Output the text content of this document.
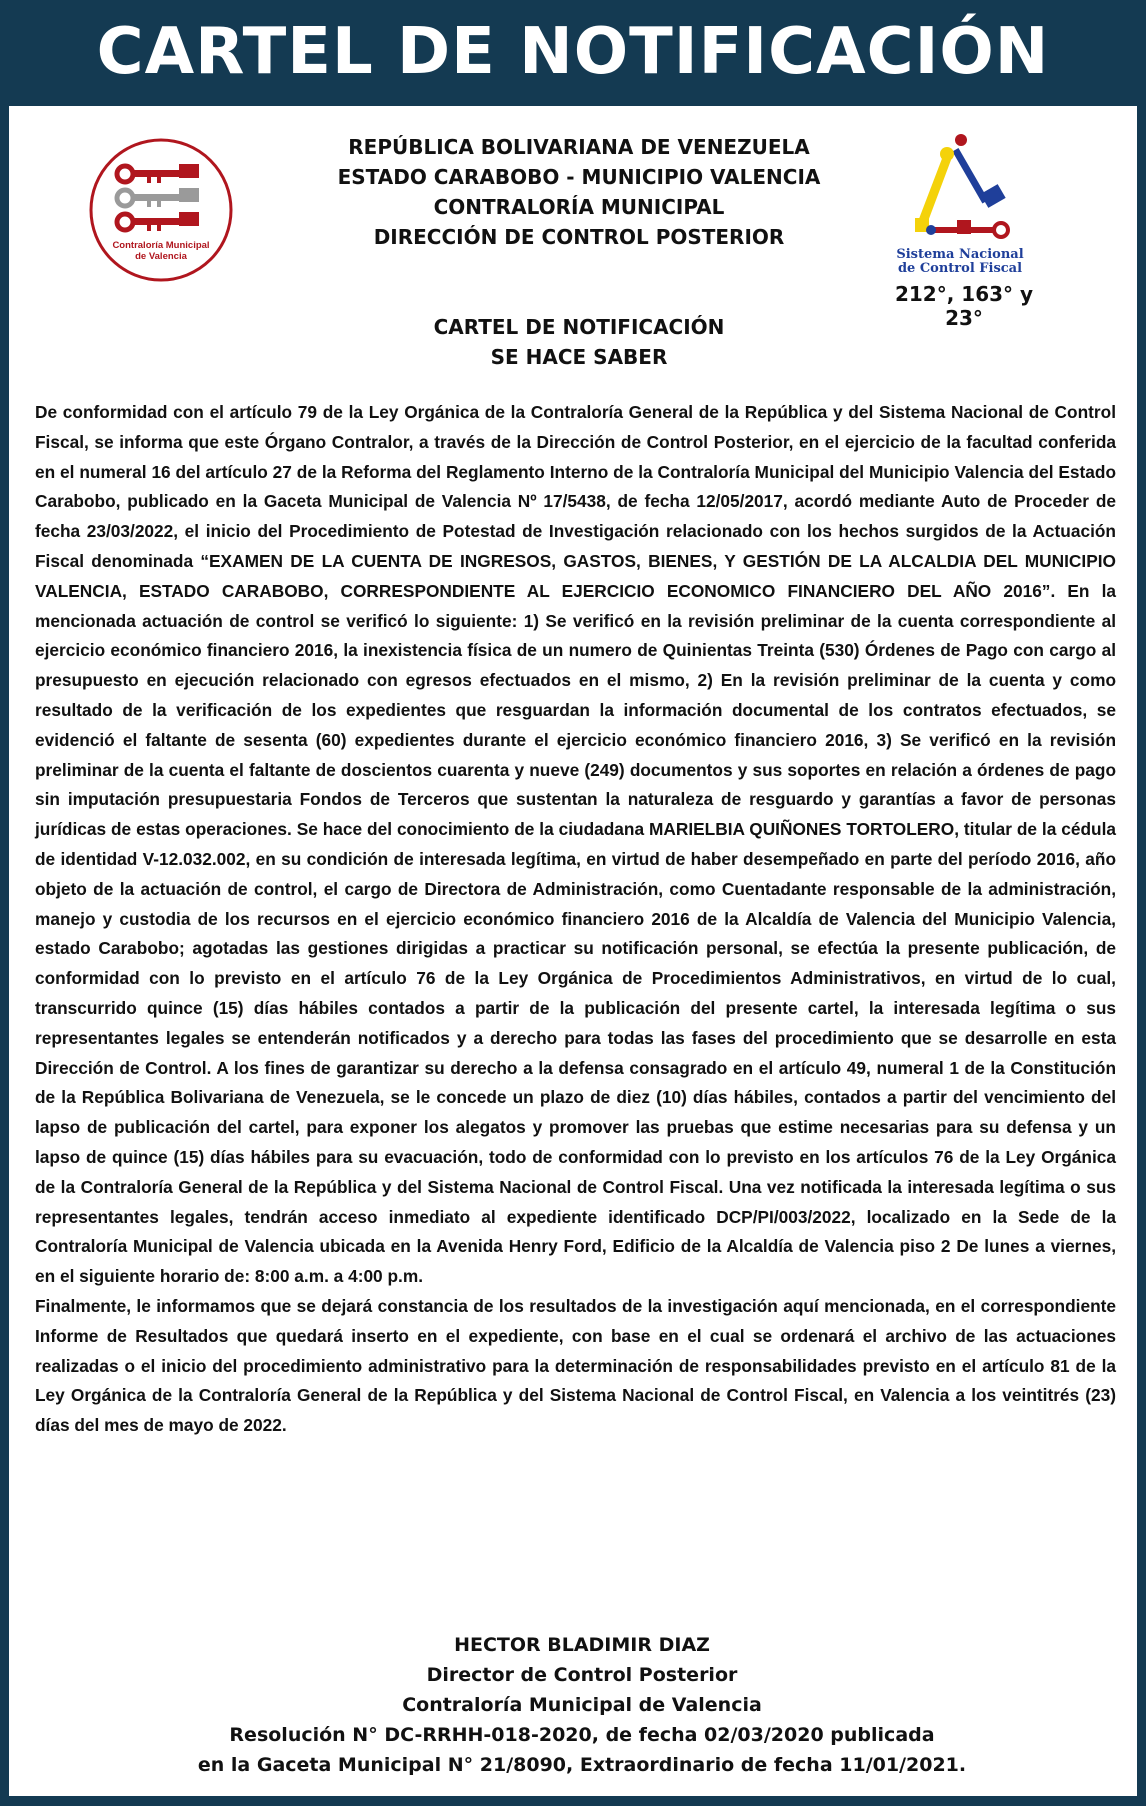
CARTEL DE NOTIFICACIÓN
Contraloría Municipal
de Valencia
REPÚBLICA BOLIVARIANA DE VENEZUELA
ESTADO CARABOBO - MUNICIPIO VALENCIA
CONTRALORÍA MUNICIPAL
DIRECCIÓN DE CONTROL POSTERIOR
Sistema Nacional
de Control Fiscal
212°, 163° y 23°
CARTEL DE NOTIFICACIÓN
SE HACE SABER

De conformidad con el artículo 79 de la Ley Orgánica de la Contraloría General de la República y del Sistema Nacional de Control Fiscal, se informa que este Órgano Contralor, a través de la Dirección de Control Posterior, en el ejercicio de la facultad conferida en el numeral 16 del artículo 27 de la Reforma del Reglamento Interno de la Contraloría Municipal del Municipio Valencia del Estado Carabobo, publicado en la Gaceta Municipal de Valencia Nº 17/5438, de fecha 12/05/2017, acordó mediante Auto de Proceder de fecha 23/03/2022, el inicio del Procedimiento de Potestad de Investigación relacionado con los hechos surgidos de la Actuación Fiscal denominada “EXAMEN DE LA CUENTA DE INGRESOS, GASTOS, BIENES, Y GESTIÓN DE LA ALCALDIA DEL MUNICIPIO VALENCIA, ESTADO CARABOBO, CORRESPONDIENTE AL EJERCICIO ECONOMICO FINANCIERO DEL AÑO 2016”. En la mencionada actuación de control se verificó lo siguiente: 1) Se verificó en la revisión preliminar de la cuenta correspondiente al ejercicio económico financiero 2016, la inexistencia física de un numero de Quinientas Treinta (530) Órdenes de Pago con cargo al presupuesto en ejecución relacionado con egresos efectuados en el mismo, 2) En la revisión preliminar de la cuenta y como resultado de la verificación de los expedientes que resguardan la información documental de los contratos efectuados, se evidenció el faltante de sesenta (60) expedientes durante el ejercicio económico financiero 2016, 3) Se verificó en la revisión preliminar de la cuenta el faltante de doscientos cuarenta y nueve (249) documentos y sus soportes en relación a órdenes de pago sin imputación presupuestaria Fondos de Terceros que sustentan la naturaleza de resguardo y garantías a favor de personas jurídicas de estas operaciones. Se hace del conocimiento de la ciudadana MARIELBIA QUIÑONES TORTOLERO, titular de la cédula de identidad V-12.032.002, en su condición de interesada legítima, en virtud de haber desempeñado en parte del período 2016, año objeto de la actuación de control, el cargo de Directora de Administración, como Cuentadante responsable de la administración, manejo y custodia de los recursos en el ejercicio económico financiero 2016 de la Alcaldía de Valencia del Municipio Valencia, estado Carabobo; agotadas las gestiones dirigidas a practicar su notificación personal, se efectúa la presente publicación, de conformidad con lo previsto en el artículo 76 de la Ley Orgánica de Procedimientos Administrativos, en virtud de lo cual, transcurrido quince (15) días hábiles contados a partir de la publicación del presente cartel, la interesada legítima o sus representantes legales se entenderán notificados y a derecho para todas las fases del procedimiento que se desarrolle en esta Dirección de Control. A los fines de garantizar su derecho a la defensa consagrado en el artículo 49, numeral 1 de la Constitución de la República Bolivariana de Venezuela, se le concede un plazo de diez (10) días hábiles, contados a partir del vencimiento del lapso de publicación del cartel, para exponer los alegatos y promover las pruebas que estime necesarias para su defensa y un lapso de quince (15) días hábiles para su evacuación, todo de conformidad con lo previsto en los artículos 76 de la Ley Orgánica de la Contraloría General de la República y del Sistema Nacional de Control Fiscal. Una vez notificada la interesada legítima o sus representantes legales, tendrán acceso inmediato al expediente identificado DCP/PI/003/2022, localizado en la Sede de la Contraloría Municipal de Valencia ubicada en la Avenida Henry Ford, Edificio de la Alcaldía de Valencia piso 2 De lunes a viernes, en el siguiente horario de: 8:00 a.m. a 4:00 p.m.

Finalmente, le informamos que se dejará constancia de los resultados de la investigación aquí mencionada, en el correspondiente Informe de Resultados que quedará inserto en el expediente, con base en el cual se ordenará el archivo de las actuaciones realizadas o el inicio del procedimiento administrativo para la determinación de responsabilidades previsto en el artículo 81 de la Ley Orgánica de la Contraloría General de la República y del Sistema Nacional de Control Fiscal, en Valencia a los veintitrés (23) días del mes de mayo de 2022.

HECTOR BLADIMIR DIAZ
Director de Control Posterior
Contraloría Municipal de Valencia
Resolución N° DC-RRHH-018-2020, de fecha 02/03/2020 publicada
en la Gaceta Municipal N° 21/8090, Extraordinario de fecha 11/01/2021.
